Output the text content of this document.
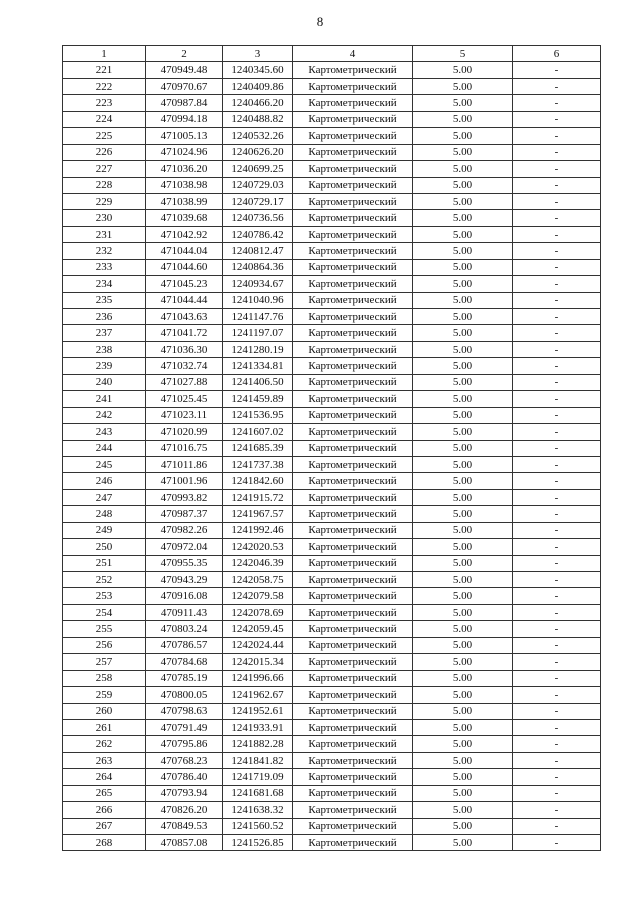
8
1	2	3	4	5	6
221	470949.48	1240345.60	Картометрический	5.00	-
222	470970.67	1240409.86	Картометрический	5.00	-
223	470987.84	1240466.20	Картометрический	5.00	-
224	470994.18	1240488.82	Картометрический	5.00	-
225	471005.13	1240532.26	Картометрический	5.00	-
226	471024.96	1240626.20	Картометрический	5.00	-
227	471036.20	1240699.25	Картометрический	5.00	-
228	471038.98	1240729.03	Картометрический	5.00	-
229	471038.99	1240729.17	Картометрический	5.00	-
230	471039.68	1240736.56	Картометрический	5.00	-
231	471042.92	1240786.42	Картометрический	5.00	-
232	471044.04	1240812.47	Картометрический	5.00	-
233	471044.60	1240864.36	Картометрический	5.00	-
234	471045.23	1240934.67	Картометрический	5.00	-
235	471044.44	1241040.96	Картометрический	5.00	-
236	471043.63	1241147.76	Картометрический	5.00	-
237	471041.72	1241197.07	Картометрический	5.00	-
238	471036.30	1241280.19	Картометрический	5.00	-
239	471032.74	1241334.81	Картометрический	5.00	-
240	471027.88	1241406.50	Картометрический	5.00	-
241	471025.45	1241459.89	Картометрический	5.00	-
242	471023.11	1241536.95	Картометрический	5.00	-
243	471020.99	1241607.02	Картометрический	5.00	-
244	471016.75	1241685.39	Картометрический	5.00	-
245	471011.86	1241737.38	Картометрический	5.00	-
246	471001.96	1241842.60	Картометрический	5.00	-
247	470993.82	1241915.72	Картометрический	5.00	-
248	470987.37	1241967.57	Картометрический	5.00	-
249	470982.26	1241992.46	Картометрический	5.00	-
250	470972.04	1242020.53	Картометрический	5.00	-
251	470955.35	1242046.39	Картометрический	5.00	-
252	470943.29	1242058.75	Картометрический	5.00	-
253	470916.08	1242079.58	Картометрический	5.00	-
254	470911.43	1242078.69	Картометрический	5.00	-
255	470803.24	1242059.45	Картометрический	5.00	-
256	470786.57	1242024.44	Картометрический	5.00	-
257	470784.68	1242015.34	Картометрический	5.00	-
258	470785.19	1241996.66	Картометрический	5.00	-
259	470800.05	1241962.67	Картометрический	5.00	-
260	470798.63	1241952.61	Картометрический	5.00	-
261	470791.49	1241933.91	Картометрический	5.00	-
262	470795.86	1241882.28	Картометрический	5.00	-
263	470768.23	1241841.82	Картометрический	5.00	-
264	470786.40	1241719.09	Картометрический	5.00	-
265	470793.94	1241681.68	Картометрический	5.00	-
266	470826.20	1241638.32	Картометрический	5.00	-
267	470849.53	1241560.52	Картометрический	5.00	-
268	470857.08	1241526.85	Картометрический	5.00	-
